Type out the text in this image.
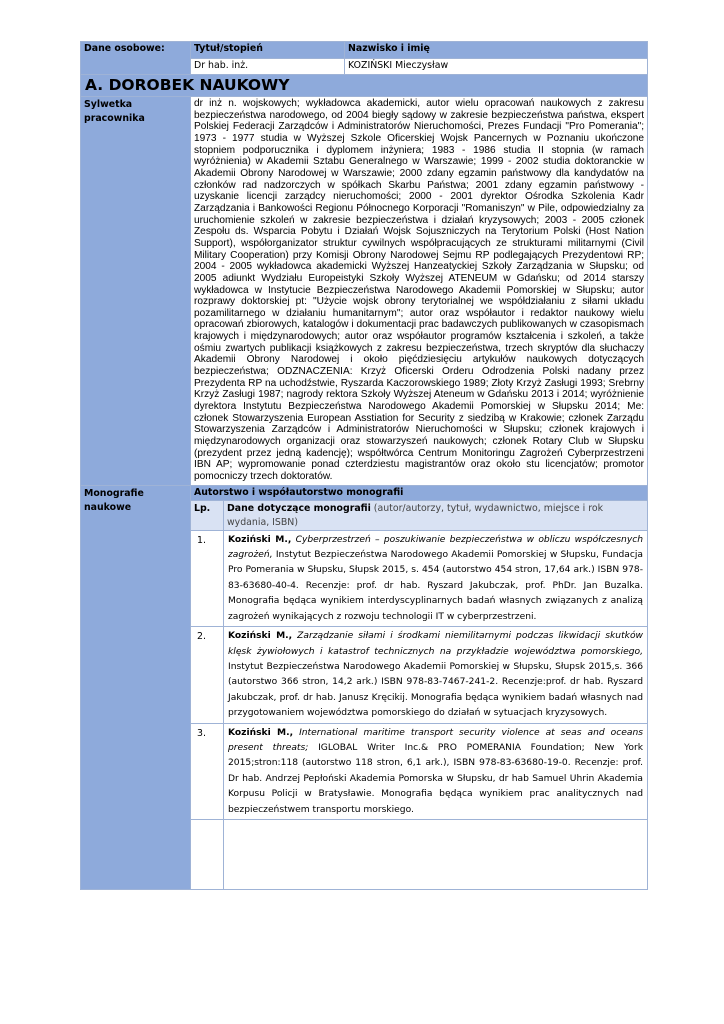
Dane osobowe:	Tytuł/stopień		Nazwisko i imię
	Dr hab. inż.		KOZIŃSKI Mieczysław
A. DOROBEK NAUKOWY			
Sylwetka pracownika	dr inż n. wojskowych; wykładowca akademicki, autor wielu opracowań naukowych z zakresu bezpieczeństwa narodowego, od 2004 biegły sądowy w zakresie bezpieczeństwa państwa, ekspert Polskiej Federacji Zarządców i Administratorów Nieruchomości, Prezes Fundacji "Pro Pomerania"; 1973 - 1977 studia w Wyższej Szkole Oficerskiej Wojsk Pancernych w Poznaniu ukończone stopniem podporucznika i dyplomem inżyniera; 1983 - 1986 studia II stopnia (w ramach wyróżnienia) w Akademii Sztabu Generalnego w Warszawie; 1999 - 2002 studia doktoranckie w Akademii Obrony Narodowej w Warszawie; 2000 zdany egzamin państwowy dla kandydatów na członków rad nadzorczych w spółkach Skarbu Państwa; 2001 zdany egzamin państwowy - uzyskanie licencji zarządcy nieruchomości; 2000 - 2001 dyrektor Ośrodka Szkolenia Kadr Zarządzania i Bankowości Regionu Północnego Korporacji "Romaniszyn" w Pile, odpowiedzialny za uruchomienie szkoleń w zakresie bezpieczeństwa i działań kryzysowych; 2003 - 2005 członek Zespołu ds. Wsparcia Pobytu i Działań Wojsk Sojuszniczych na Terytorium Polski (Host Nation Support), współorganizator struktur cywilnych współpracujących ze strukturami militarnymi (Civil Military Cooperation) przy Komisji Obrony Narodowej Sejmu RP podlegających Prezydentowi RP; 2004 - 2005 wykładowca akademicki Wyższej Hanzeatyckiej Szkoły Zarządzania w Słupsku; od 2005 adiunkt Wydziału Europeistyki Szkoły Wyższej ATENEUM w Gdańsku; od 2014 starszy wykładowca w Instytucie Bezpieczeństwa Narodowego Akademii Pomorskiej w Słupsku; autor rozprawy doktorskiej pt: "Użycie wojsk obrony terytorialnej we współdziałaniu z siłami układu pozamilitarnego w działaniu humanitarnym"; autor oraz współautor i redaktor naukowy wielu opracowań zbiorowych, katalogów i dokumentacji prac badawczych publikowanych w czasopismach krajowych i międzynarodowych; autor oraz współautor programów kształcenia i szkoleń, a także ośmiu zwartych publikacji książkowych z zakresu bezpieczeństwa, trzech skryptów dla słuchaczy Akademii Obrony Narodowej i około pięćdziesięciu artykułów naukowych dotyczących bezpieczeństwa; ODZNACZENIA: Krzyż Oficerski Orderu Odrodzenia Polski nadany przez Prezydenta RP na uchodźstwie, Ryszarda Kaczorowskiego 1989; Złoty Krzyż Zasługi 1993; Srebrny Krzyż Zasługi 1987; nagrody rektora Szkoły Wyższej Ateneum w Gdańsku 2013 i 2014; wyróżnienie dyrektora Instytutu Bezpieczeństwa Narodowego Akademii Pomorskiej w Słupsku 2014; Me: członek Stowarzyszenia European Asstiation for Security z siedzibą w Krakowie; członek Zarządu Stowarzyszenia Zarządców i Administratorów Nieruchomości w Słupsku; członek krajowych i międzynarodowych organizacji oraz stowarzyszeń naukowych; członek Rotary Club w Słupsku (prezydent przez jedną kadencję); współtwórca Centrum Monitoringu Zagrożeń Cyberprzestrzeni IBN AP; wypromowanie ponad czterdziestu magistrantów oraz około stu licencjatów; promotor pomocniczy trzech doktoratów.		
Monografie naukowe	Autorstwo i współautorstwo monografii		
	Lp.	Dane dotyczące monografii (autor/autorzy, tytuł, wydawnictwo, miejsce i rok wydania, ISBN)	
	1.	Koziński M., Cyberprzestrzeń – poszukiwanie bezpieczeństwa w obliczu współczesnych zagrożeń, Instytut Bezpieczeństwa Narodowego Akademii Pomorskiej w Słupsku, Fundacja Pro Pomerania w Słupsku, Słupsk 2015, s. 454 (autorstwo 454 stron, 17,64 ark.) ISBN 978-83-63680-40-4. Recenzje: prof. dr hab. Ryszard Jakubczak, prof. PhDr. Jan Buzalka. Monografia będąca wynikiem interdyscyplinarnych badań własnych związanych z analizą zagrożeń wynikających z rozwoju technologii IT w cyberprzestrzeni.	
	2.	Koziński M., Zarządzanie siłami i środkami niemilitarnymi podczas likwidacji skutków klęsk żywiołowych i katastrof technicznych na przykładzie województwa pomorskiego, Instytut Bezpieczeństwa Narodowego Akademii Pomorskiej w Słupsku, Słupsk 2015,s. 366 (autorstwo 366 stron, 14,2 ark.) ISBN 978-83-7467-241-2. Recenzje:prof. dr hab. Ryszard Jakubczak, prof. dr hab. Janusz Kręcikij. Monografia będąca wynikiem badań własnych nad przygotowaniem województwa pomorskiego do działań w sytuacjach kryzysowych.	
	3.	Koziński M., International maritime transport security violence at seas and oceans present threats; IGLOBAL Writer Inc.& PRO POMERANIA Foundation; New York 2015;stron:118 (autorstwo 118 stron, 6,1 ark.), ISBN 978-83-63680-19-0. Recenzje: prof. Dr hab. Andrzej Pepłoński Akademia Pomorska w Słupsku, dr hab Samuel Uhrin Akademia Korpusu Policji w Bratysławie. Monografia będąca wynikiem prac analitycznych nad bezpieczeństwem transportu morskiego.	
